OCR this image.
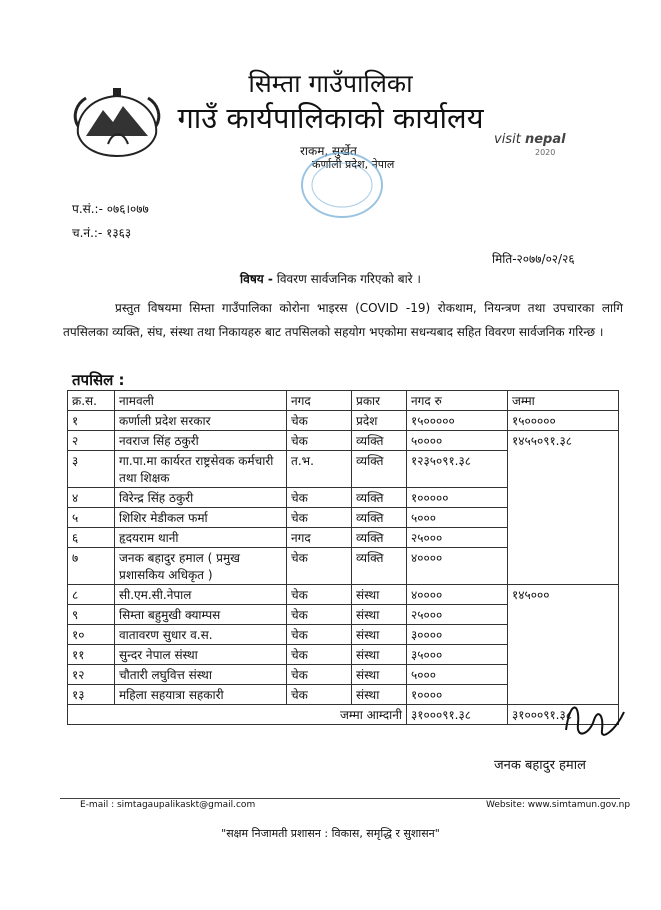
सिम्ता गाउँपालिका
गाउँ कार्यपालिकाको कार्यालय
राकम, सुर्खेत
कर्णाली प्रदेश, नेपाल
visit nepal
2020
प.सं.:- ०७६।०७७
च.नं.:- १३६३
मिति-२०७७/०२/२६
विषय - विवरण सार्वजनिक गरिएको बारे ।
प्रस्तुत विषयमा सिम्ता गाउँपालिका कोरोना भाइरस (COVID -19) रोकथाम, नियन्त्रण तथा उपचारका लागि तपसिलका व्यक्ति, संघ, संस्था तथा निकायहरु बाट तपसिलको सहयोग भएकोमा सधन्यबाद सहित विवरण सार्वजनिक गरिन्छ ।
तपसिल :
क्र.स.	नामवली	नगद	प्रकार	नगद रु	जम्मा
१	कर्णाली प्रदेश सरकार	चेक	प्रदेश	१५०००००	१५०००००
२	नवराज सिंह ठकुरी	चेक	व्यक्ति	५००००	१४५५०९१.३८
३	गा.पा.मा कार्यरत राष्ट्रसेवक कर्मचारी तथा शिक्षक	त.भ.	व्यक्ति	१२३५०९१.३८	
४	विरेन्द्र सिंह ठकुरी	चेक	व्यक्ति	१०००००	
५	शिशिर मेडीकल फर्मा	चेक	व्यक्ति	५०००	
६	हृदयराम थानी	नगद	व्यक्ति	२५०००	
७	जनक बहादुर हमाल ( प्रमुख प्रशासकिय अधिकृत )	चेक	व्यक्ति	४००००	
८	सी.एम.सी.नेपाल	चेक	संस्था	४००००	१४५०००
९	सिम्ता बहुमुखी क्याम्पस	चेक	संस्था	२५०००	
१०	वातावरण सुधार व.स.	चेक	संस्था	३००००	
११	सुन्दर नेपाल संस्था	चेक	संस्था	३५०००	
१२	चौतारी लघुवित्त संस्था	चेक	संस्था	५०००	
१३	महिला सहयात्रा सहकारी	चेक	संस्था	१००००	
जम्मा आम्दानी				३१०००९१.३८	३१०००९१.३८
जनक बहादुर हमाल
E-mail : simtagaupalikaskt@gmail.com	Website: www.simtamun.gov.np
"सक्षम निजामती प्रशासन : विकास, समृद्धि र सुशासन"
